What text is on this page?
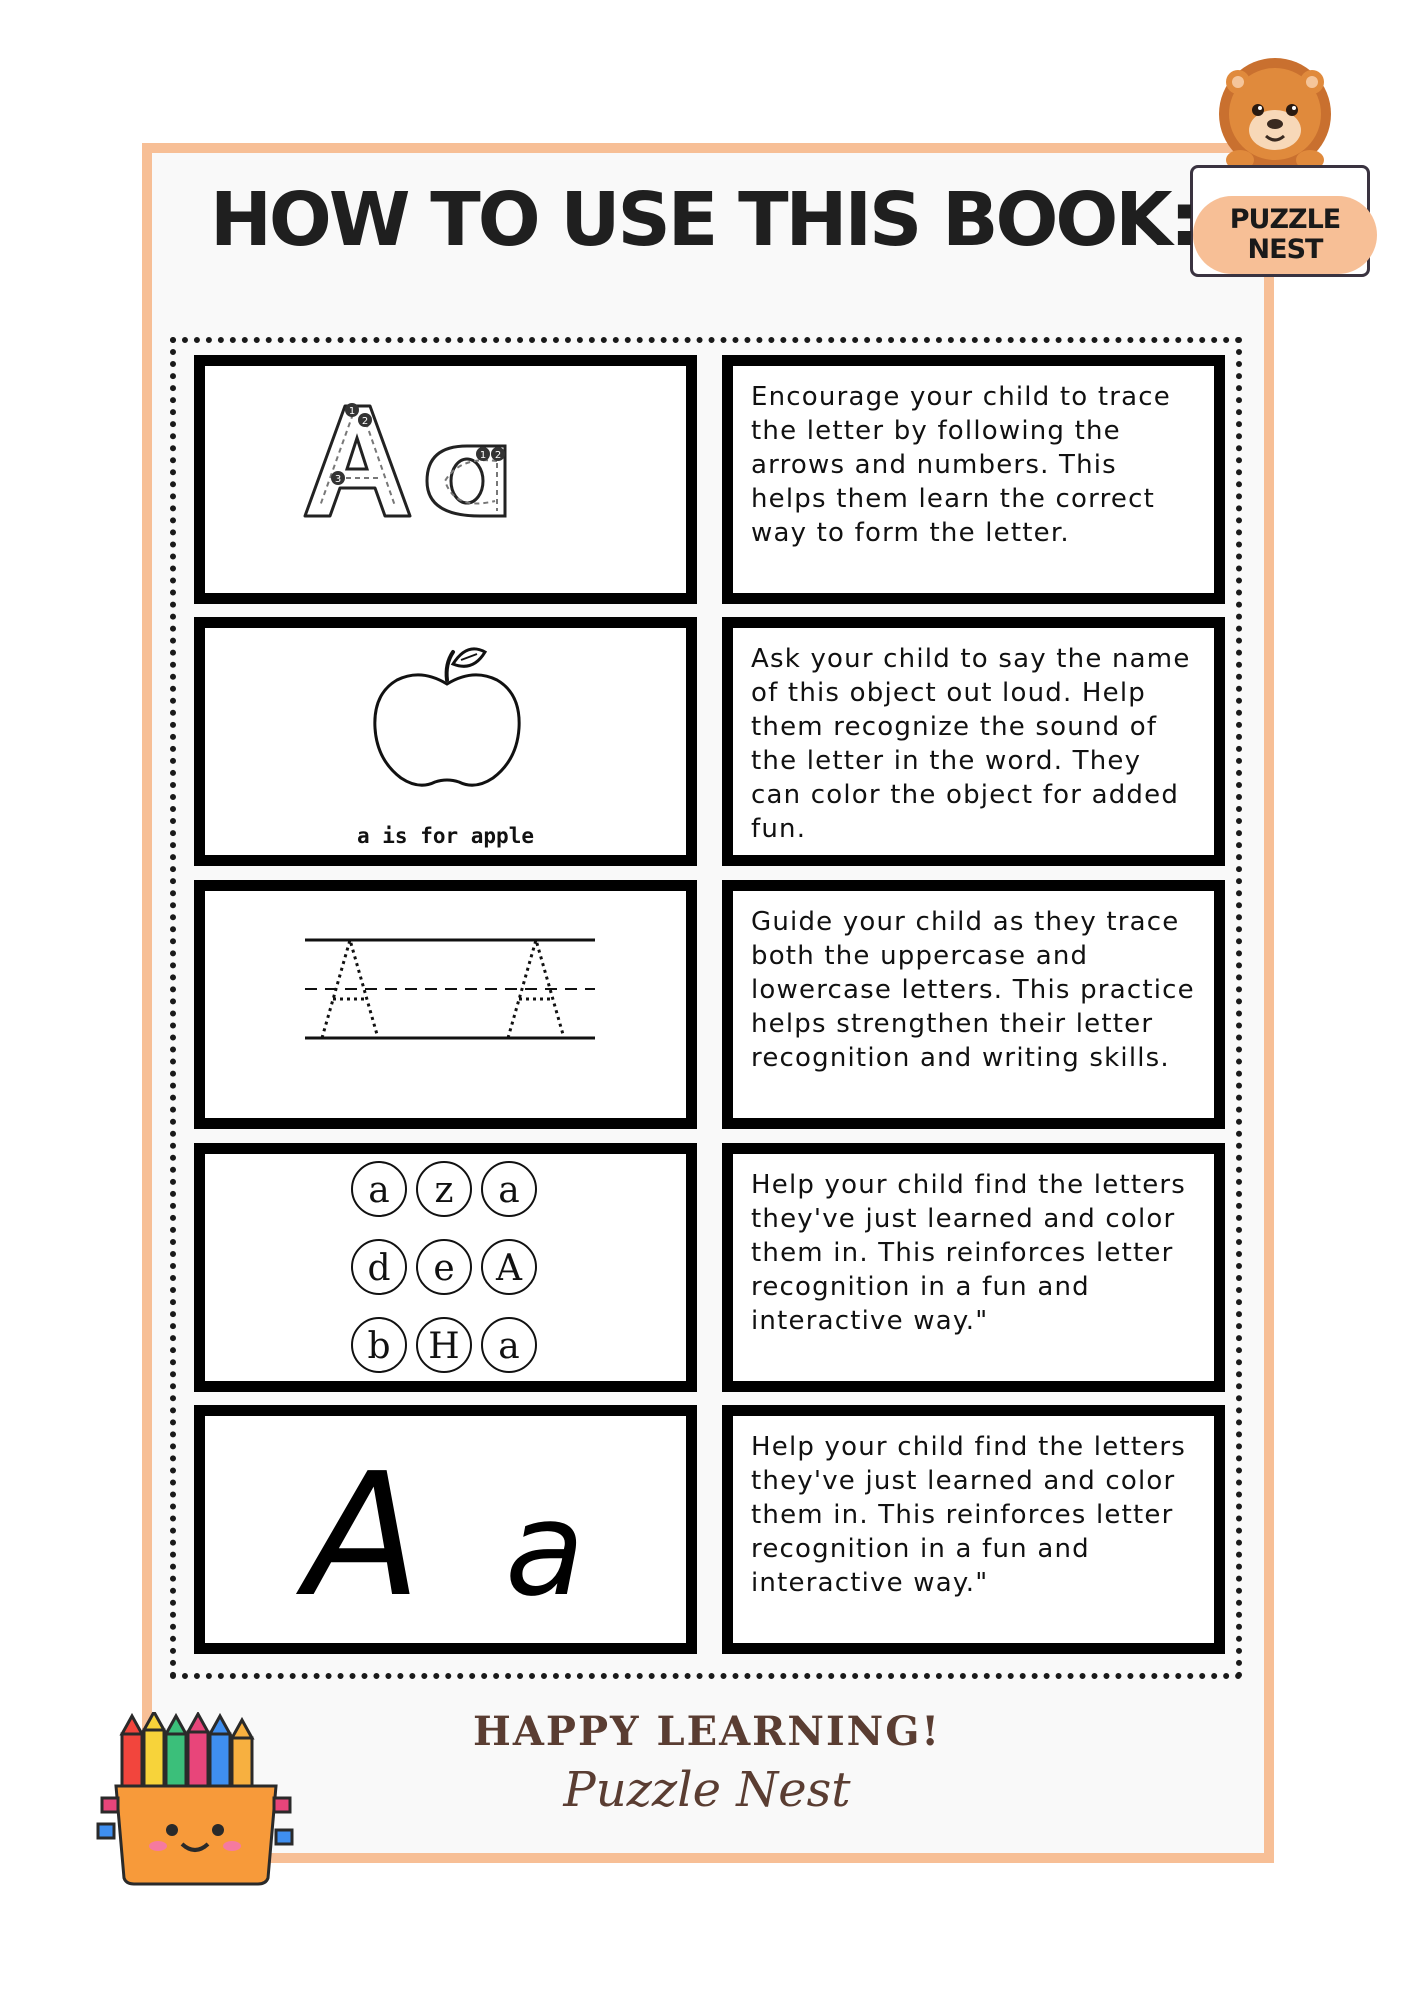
PUZZLE
NEST
HOW TO USE THIS BOOK:
1
2
3
1 2

Encourage your child to trace the letter by following the arrows and numbers. This helps them learn the correct way to form the letter.

a is for apple

Ask your child to say the name of this object out loud. Help them recognize the sound of the letter in the word. They can color the object for added fun.

Guide your child as they trace both the uppercase and lowercase letters. This practice helps strengthen their letter recognition and writing skills.

a z a
d e A
b H a

Help your child find the letters they've just learned and color them in. This reinforces letter recognition in a fun and interactive way."

A a

Help your child find the letters they've just learned and color them in. This reinforces letter recognition in a fun and interactive way."

HAPPY LEARNING!
Puzzle Nest
